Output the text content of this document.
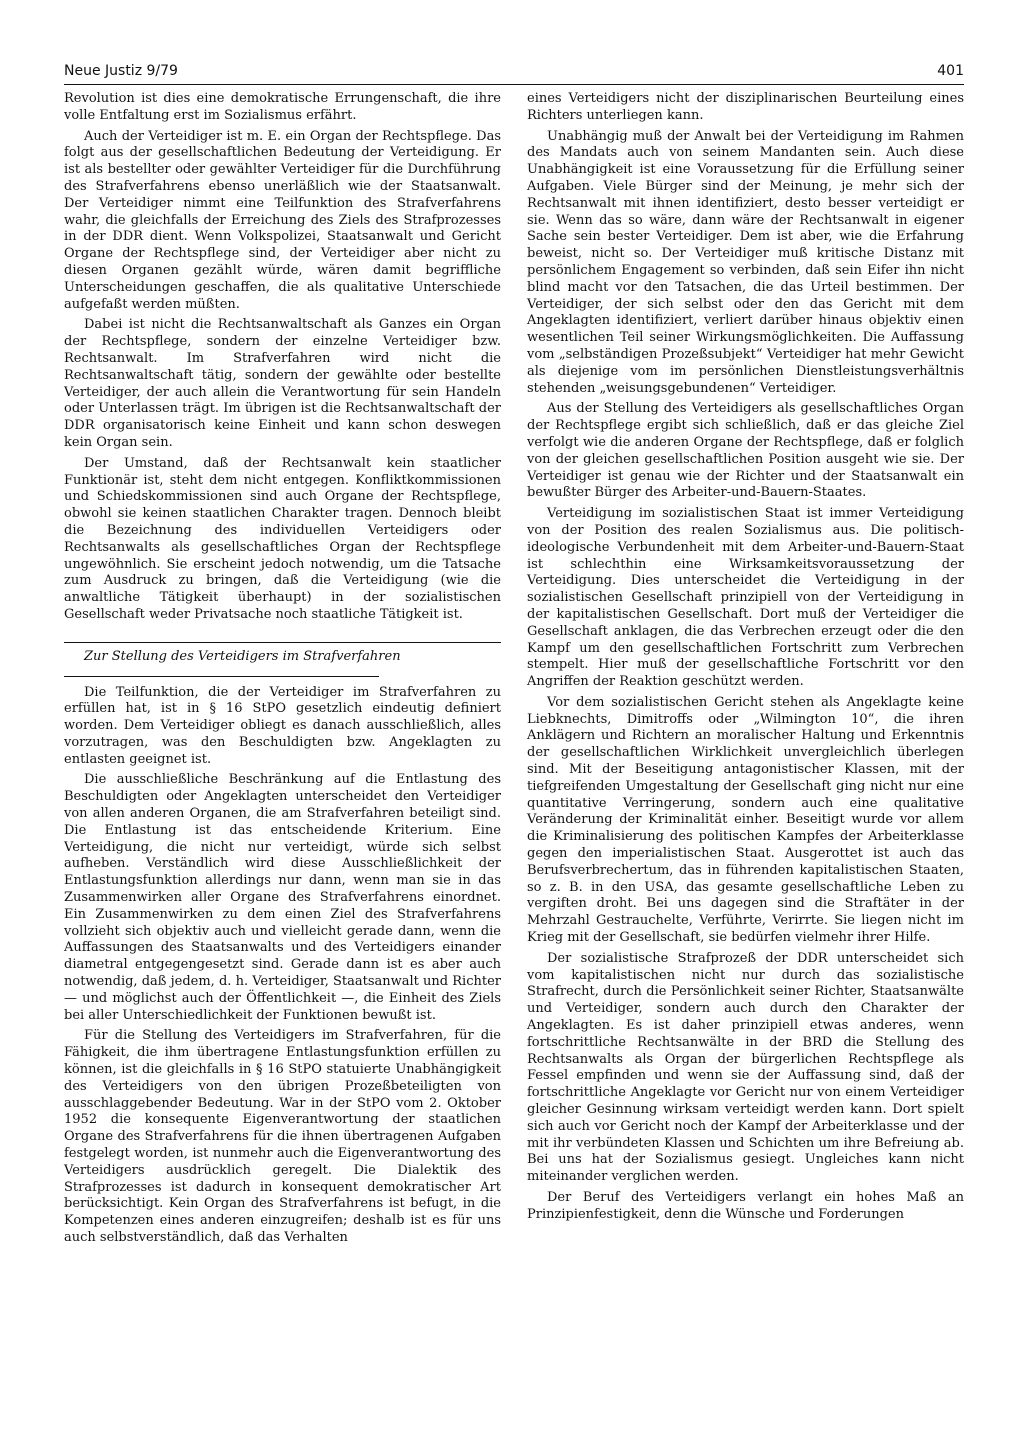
Neue Justiz 9/79	401

Revolution ist dies eine demokratische Errungenschaft, die ihre volle Entfaltung erst im Sozialismus erfährt.

Auch der Verteidiger ist m. E. ein Organ der Rechtspflege. Das folgt aus der gesellschaftlichen Bedeutung der Verteidigung. Er ist als bestellter oder gewählter Verteidiger für die Durchführung des Strafverfahrens ebenso unerläßlich wie der Staatsanwalt. Der Verteidiger nimmt eine Teilfunktion des Strafverfahrens wahr, die gleichfalls der Erreichung des Ziels des Strafprozesses in der DDR dient. Wenn Volkspolizei, Staatsanwalt und Gericht Organe der Rechtspflege sind, der Verteidiger aber nicht zu diesen Organen gezählt würde, wären damit begriffliche Unterscheidungen geschaffen, die als qualitative Unterschiede aufgefaßt werden müßten.

Dabei ist nicht die Rechtsanwaltschaft als Ganzes ein Organ der Rechtspflege, sondern der einzelne Verteidiger bzw. Rechtsanwalt. Im Strafverfahren wird nicht die Rechtsanwaltschaft tätig, sondern der gewählte oder bestellte Verteidiger, der auch allein die Verantwortung für sein Handeln oder Unterlassen trägt. Im übrigen ist die Rechtsanwaltschaft der DDR organisatorisch keine Einheit und kann schon deswegen kein Organ sein.

Der Umstand, daß der Rechtsanwalt kein staatlicher Funktionär ist, steht dem nicht entgegen. Konfliktkommissionen und Schiedskommissionen sind auch Organe der Rechtspflege, obwohl sie keinen staatlichen Charakter tragen. Dennoch bleibt die Bezeichnung des individuellen Verteidigers oder Rechtsanwalts als gesellschaftliches Organ der Rechtspflege ungewöhnlich. Sie erscheint jedoch notwendig, um die Tatsache zum Ausdruck zu bringen, daß die Verteidigung (wie die anwaltliche Tätigkeit überhaupt) in der sozialistischen Gesellschaft weder Privatsache noch staatliche Tätigkeit ist.

Zur Stellung des Verteidigers im Strafverfahren

Die Teilfunktion, die der Verteidiger im Strafverfahren zu erfüllen hat, ist in § 16 StPO gesetzlich eindeutig definiert worden. Dem Verteidiger obliegt es danach ausschließlich, alles vorzutragen, was den Beschuldigten bzw. Angeklagten zu entlasten geeignet ist.

Die ausschließliche Beschränkung auf die Entlastung des Beschuldigten oder Angeklagten unterscheidet den Verteidiger von allen anderen Organen, die am Strafverfahren beteiligt sind. Die Entlastung ist das entscheidende Kriterium. Eine Verteidigung, die nicht nur verteidigt, würde sich selbst aufheben. Verständlich wird diese Ausschließlichkeit der Entlastungsfunktion allerdings nur dann, wenn man sie in das Zusammenwirken aller Organe des Strafverfahrens einordnet. Ein Zusammenwirken zu dem einen Ziel des Strafverfahrens vollzieht sich objektiv auch und vielleicht gerade dann, wenn die Auffassungen des Staatsanwalts und des Verteidigers einander diametral entgegengesetzt sind. Gerade dann ist es aber auch notwendig, daß jedem, d. h. Verteidiger, Staatsanwalt und Richter — und möglichst auch der Öffentlichkeit —, die Einheit des Ziels bei aller Unterschiedlichkeit der Funktionen bewußt ist.

Für die Stellung des Verteidigers im Strafverfahren, für die Fähigkeit, die ihm übertragene Entlastungsfunktion erfüllen zu können, ist die gleichfalls in § 16 StPO statuierte Unabhängigkeit des Verteidigers von den übrigen Prozeßbeteiligten von ausschlaggebender Bedeutung. War in der StPO vom 2. Oktober 1952 die konsequente Eigenverantwortung der staatlichen Organe des Strafverfahrens für die ihnen übertragenen Aufgaben festgelegt worden, ist nunmehr auch die Eigenverantwortung des Verteidigers ausdrücklich geregelt. Die Dialektik des Strafprozesses ist dadurch in konsequent demokratischer Art berücksichtigt. Kein Organ des Strafverfahrens ist befugt, in die Kompetenzen eines anderen einzugreifen; deshalb ist es für uns auch selbstverständlich, daß das Verhalten

eines Verteidigers nicht der disziplinarischen Beurteilung eines Richters unterliegen kann.

Unabhängig muß der Anwalt bei der Verteidigung im Rahmen des Mandats auch von seinem Mandanten sein. Auch diese Unabhängigkeit ist eine Voraussetzung für die Erfüllung seiner Aufgaben. Viele Bürger sind der Meinung, je mehr sich der Rechtsanwalt mit ihnen identifiziert, desto besser verteidigt er sie. Wenn das so wäre, dann wäre der Rechtsanwalt in eigener Sache sein bester Verteidiger. Dem ist aber, wie die Erfahrung beweist, nicht so. Der Verteidiger muß kritische Distanz mit persönlichem Engagement so verbinden, daß sein Eifer ihn nicht blind macht vor den Tatsachen, die das Urteil bestimmen. Der Verteidiger, der sich selbst oder den das Gericht mit dem Angeklagten identifiziert, verliert darüber hinaus objektiv einen wesentlichen Teil seiner Wirkungsmöglichkeiten. Die Auffassung vom „selbständigen Prozeßsubjekt“ Verteidiger hat mehr Gewicht als diejenige vom im persönlichen Dienstleistungsverhältnis stehenden „weisungsgebundenen“ Verteidiger.

Aus der Stellung des Verteidigers als gesellschaftliches Organ der Rechtspflege ergibt sich schließlich, daß er das gleiche Ziel verfolgt wie die anderen Organe der Rechtspflege, daß er folglich von der gleichen gesellschaftlichen Position ausgeht wie sie. Der Verteidiger ist genau wie der Richter und der Staatsanwalt ein bewußter Bürger des Arbeiter-und-Bauern-Staates.

Verteidigung im sozialistischen Staat ist immer Verteidigung von der Position des realen Sozialismus aus. Die politisch-ideologische Verbundenheit mit dem Arbeiter-und-Bauern-Staat ist schlechthin eine Wirksamkeitsvoraussetzung der Verteidigung. Dies unterscheidet die Verteidigung in der sozialistischen Gesellschaft prinzipiell von der Verteidigung in der kapitalistischen Gesellschaft. Dort muß der Verteidiger die Gesellschaft anklagen, die das Verbrechen erzeugt oder die den Kampf um den gesellschaftlichen Fortschritt zum Verbrechen stempelt. Hier muß der gesellschaftliche Fortschritt vor den Angriffen der Reaktion geschützt werden.

Vor dem sozialistischen Gericht stehen als Angeklagte keine Liebknechts, Dimitroffs oder „Wilmington 10“, die ihren Anklägern und Richtern an moralischer Haltung und Erkenntnis der gesellschaftlichen Wirklichkeit unvergleichlich überlegen sind. Mit der Beseitigung antagonistischer Klassen, mit der tiefgreifenden Umgestaltung der Gesellschaft ging nicht nur eine quantitative Verringerung, sondern auch eine qualitative Veränderung der Kriminalität einher. Beseitigt wurde vor allem die Kriminalisierung des politischen Kampfes der Arbeiterklasse gegen den imperialistischen Staat. Ausgerottet ist auch das Berufsverbrechertum, das in führenden kapitalistischen Staaten, so z. B. in den USA, das gesamte gesellschaftliche Leben zu vergiften droht. Bei uns dagegen sind die Straftäter in der Mehrzahl Gestrauchelte, Verführte, Verirrte. Sie liegen nicht im Krieg mit der Gesellschaft, sie bedürfen vielmehr ihrer Hilfe.

Der sozialistische Strafprozeß der DDR unterscheidet sich vom kapitalistischen nicht nur durch das sozialistische Strafrecht, durch die Persönlichkeit seiner Richter, Staatsanwälte und Verteidiger, sondern auch durch den Charakter der Angeklagten. Es ist daher prinzipiell etwas anderes, wenn fortschrittliche Rechtsanwälte in der BRD die Stellung des Rechtsanwalts als Organ der bürgerlichen Rechtspflege als Fessel empfinden und wenn sie der Auffassung sind, daß der fortschrittliche Angeklagte vor Gericht nur von einem Verteidiger gleicher Gesinnung wirksam verteidigt werden kann. Dort spielt sich auch vor Gericht noch der Kampf der Arbeiterklasse und der mit ihr verbündeten Klassen und Schichten um ihre Befreiung ab. Bei uns hat der Sozialismus gesiegt. Ungleiches kann nicht miteinander verglichen werden.

Der Beruf des Verteidigers verlangt ein hohes Maß an Prinzipienfestigkeit, denn die Wünsche und Forderungen
